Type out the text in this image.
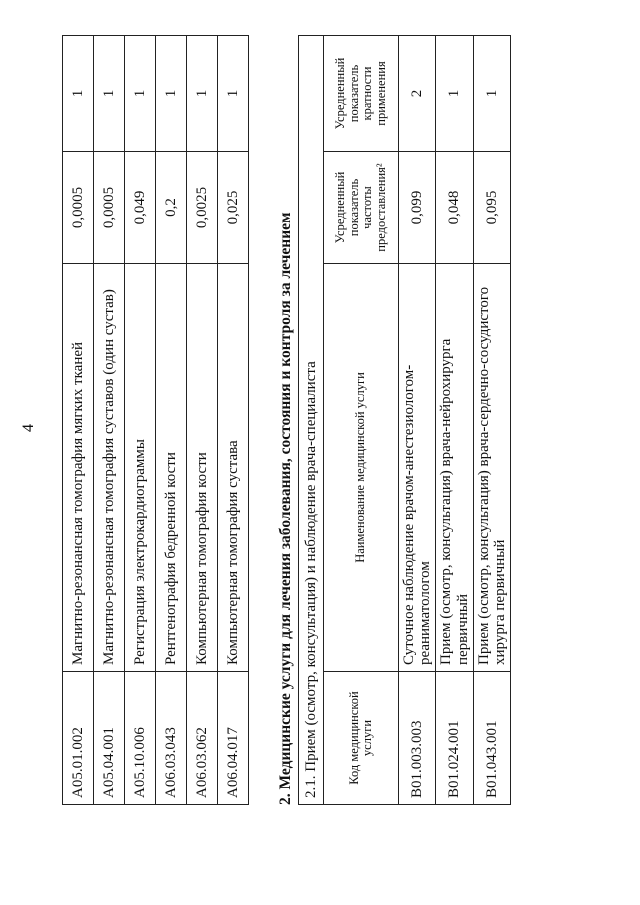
4
A05.01.002	Магнитно-резонансная томография мягких тканей	0,0005	1
A05.04.001	Магнитно-резонансная томография суставов (один сустав)	0,0005	1
A05.10.006	Регистрация электрокардиограммы	0,049	1
A06.03.043	Рентгенография бедренной кости	0,2	1
A06.03.062	Компьютерная томография кости	0,0025	1
A06.04.017	Компьютерная томография сустава	0,025	1
2. Медицинские услуги для лечения заболевания, состояния и контроля за лечением 2.1. Прием (осмотр, консультация) и наблюдение врача-специалиста			
Код медицинской услуги	Наименование медицинской услуги	Усредненный показатель частоты предоставления²	Усредненный показатель кратности применения
B01.003.003	Суточное наблюдение врачом-анестезиологом-реаниматологом	0,099	2
B01.024.001	Прием (осмотр, консультация) врача-нейрохирурга первичный	0,048	1
B01.043.001	Прием (осмотр, консультация) врача-сердечно-сосудистого хирурга первичный	0,095	1
